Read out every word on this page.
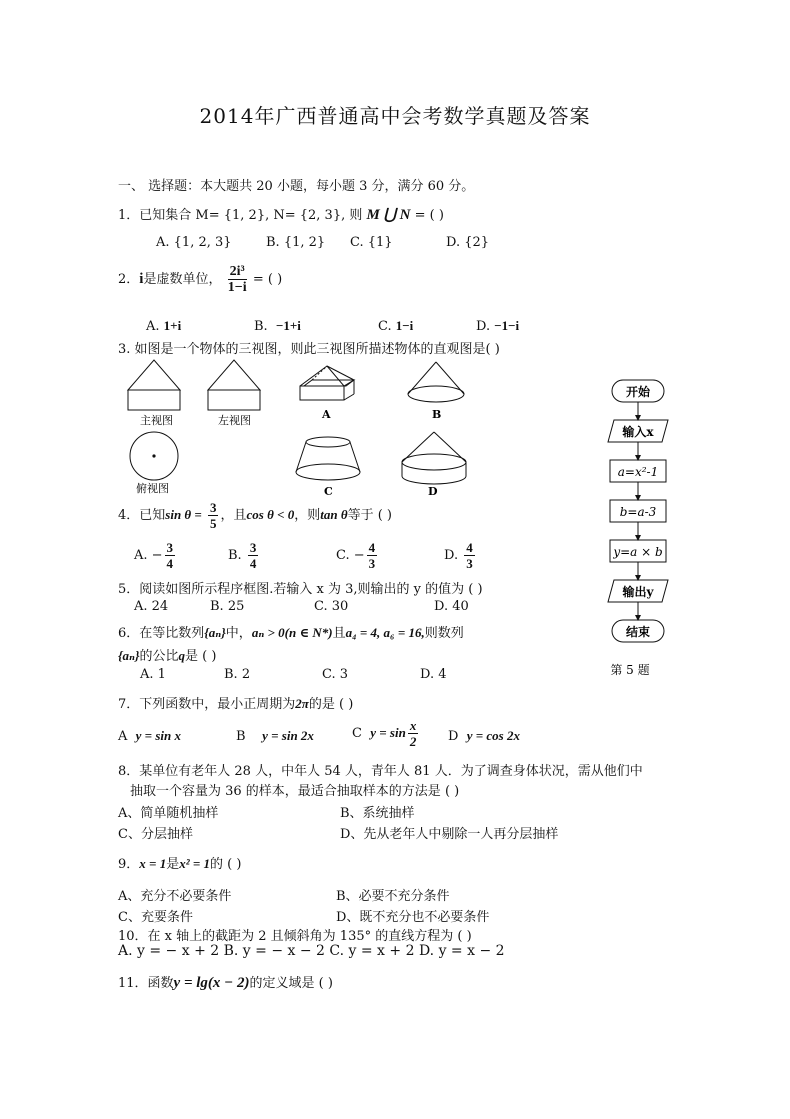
2014年广西普通高中会考数学真题及答案
一、 选择题：本大题共 20 小题，每小题 3 分，满分 60 分。
1．已知集合 M= {1, 2}, N= {2, 3}, 则 M ⋃ N = ( )
A. {1, 2, 3}	B. {1, 2} C. {1}	D. {2}
2．i是虚数单位， $\frac{\text{2i³}}{1-i}$ = ( )
A. 1+i	B. −1+i	C. 1−i	D. −1−i
3. 如图是一个物体的三视图，则此三视图所描述物体的直观图是( )
主视图	左视图
俯视图
A	B
C	D
开始
输入x
a=x²-1
b=a-3
y=a × b
输出y
结束
第 5 题
4．已知$\sin \theta = \frac{3}{5}$ ，且cos θ < 0，则tan θ等于 ( )
A. − $\frac{3}{4}$	B. $\frac{3}{4}$	C. − $\frac{4}{3}$	D. $\frac{4}{3}$
5．阅读如图所示程序框图.若输入 x 为 3,则输出的 y 的值为 ( )
A. 24	B. 25	C. 30	D. 40
6．在等比数列{aₙ}中，aₙ > 0(n ∈ N*)且a₄ = 4, a₆ = 16,则数列
{aₙ}的公比q是 ( )
A. 1	B. 2	C. 3	D. 4
7．下列函数中，最小正周期为2π的是 ( )
A y = sin x	B y = sin 2x	C $y = \sin \frac{x}{2}$ D y = cos 2x
8．某单位有老年人 28 人，中年人 54 人，青年人 81 人．为了调查身体状况，需从他们中
抽取一个容量为 36 的样本，最适合抽取样本的方法是 ( )
A、简单随机抽样	B、系统抽样
C、分层抽样	D、先从老年人中剔除一人再分层抽样
9．x = 1是x² = 1的 ( )
A、充分不必要条件	B、必要不充分条件
C、充要条件	D、既不充分也不必要条件
10．在 x 轴上的截距为 2 且倾斜角为 135° 的直线方程为 ( )
A. y = − x + 2 B. y = − x − 2 C. y = x + 2 D. y = x − 2
11．函数y = lg(x − 2)的定义域是 ( )
